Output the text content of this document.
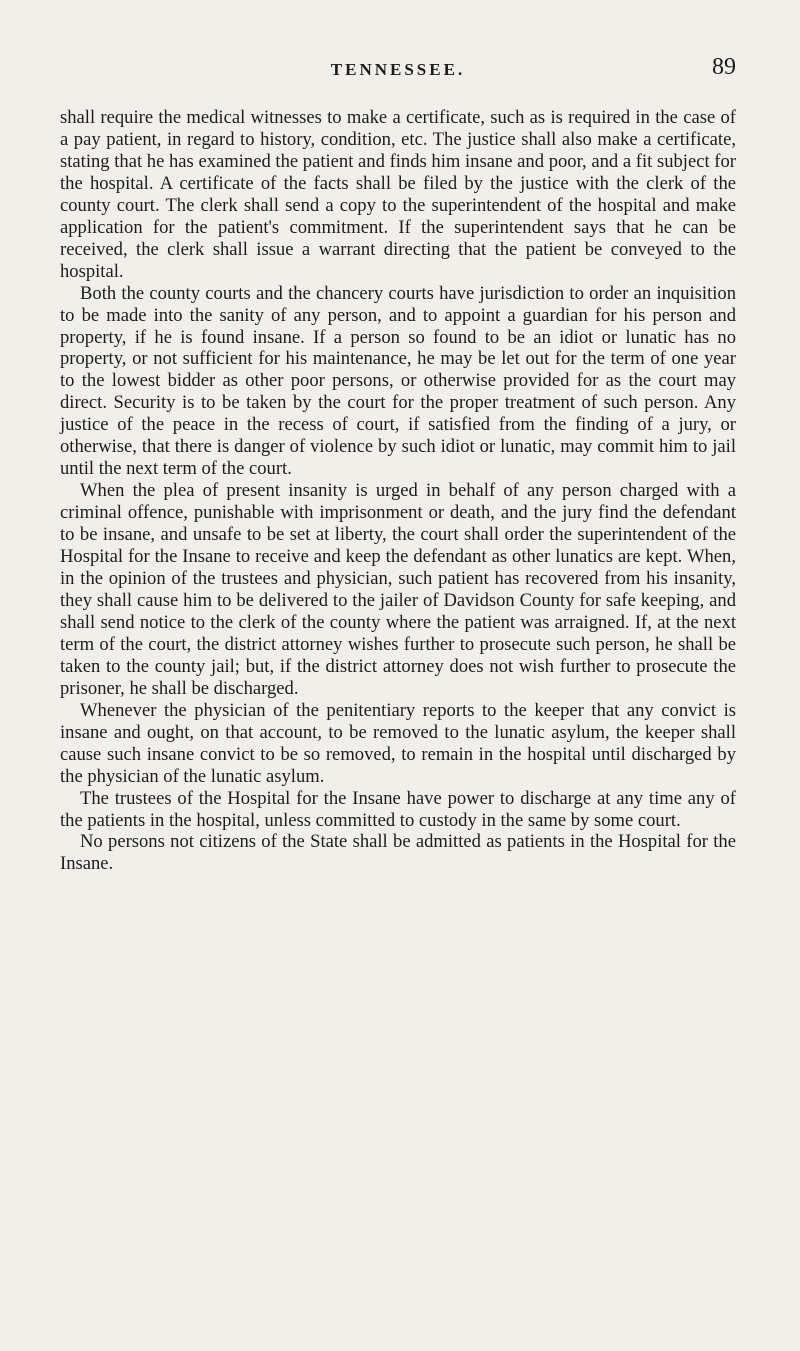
TENNESSEE.	89

shall require the medical witnesses to make a certificate, such as is required in the case of a pay patient, in regard to history, condition, etc. The justice shall also make a certificate, stating that he has examined the patient and finds him insane and poor, and a fit subject for the hospital. A certificate of the facts shall be filed by the justice with the clerk of the county court. The clerk shall send a copy to the superintendent of the hospital and make application for the patient's commitment. If the superintendent says that he can be received, the clerk shall issue a warrant directing that the patient be conveyed to the hospital.

Both the county courts and the chancery courts have jurisdiction to order an inquisition to be made into the sanity of any person, and to appoint a guardian for his person and property, if he is found insane. If a person so found to be an idiot or lunatic has no property, or not sufficient for his maintenance, he may be let out for the term of one year to the lowest bidder as other poor persons, or otherwise provided for as the court may direct. Security is to be taken by the court for the proper treatment of such person. Any justice of the peace in the recess of court, if satisfied from the finding of a jury, or otherwise, that there is danger of violence by such idiot or lunatic, may commit him to jail until the next term of the court.

When the plea of present insanity is urged in behalf of any person charged with a criminal offence, punishable with imprisonment or death, and the jury find the defendant to be insane, and unsafe to be set at liberty, the court shall order the superintendent of the Hospital for the Insane to receive and keep the defendant as other lunatics are kept. When, in the opinion of the trustees and physician, such patient has recovered from his insanity, they shall cause him to be delivered to the jailer of Davidson County for safe keeping, and shall send notice to the clerk of the county where the patient was arraigned. If, at the next term of the court, the district attorney wishes further to prosecute such person, he shall be taken to the county jail; but, if the district attorney does not wish further to prosecute the prisoner, he shall be discharged.

Whenever the physician of the penitentiary reports to the keeper that any convict is insane and ought, on that account, to be removed to the lunatic asylum, the keeper shall cause such insane convict to be so removed, to remain in the hospital until discharged by the physician of the lunatic asylum.

The trustees of the Hospital for the Insane have power to discharge at any time any of the patients in the hospital, unless committed to custody in the same by some court.

No persons not citizens of the State shall be admitted as patients in the Hospital for the Insane.
